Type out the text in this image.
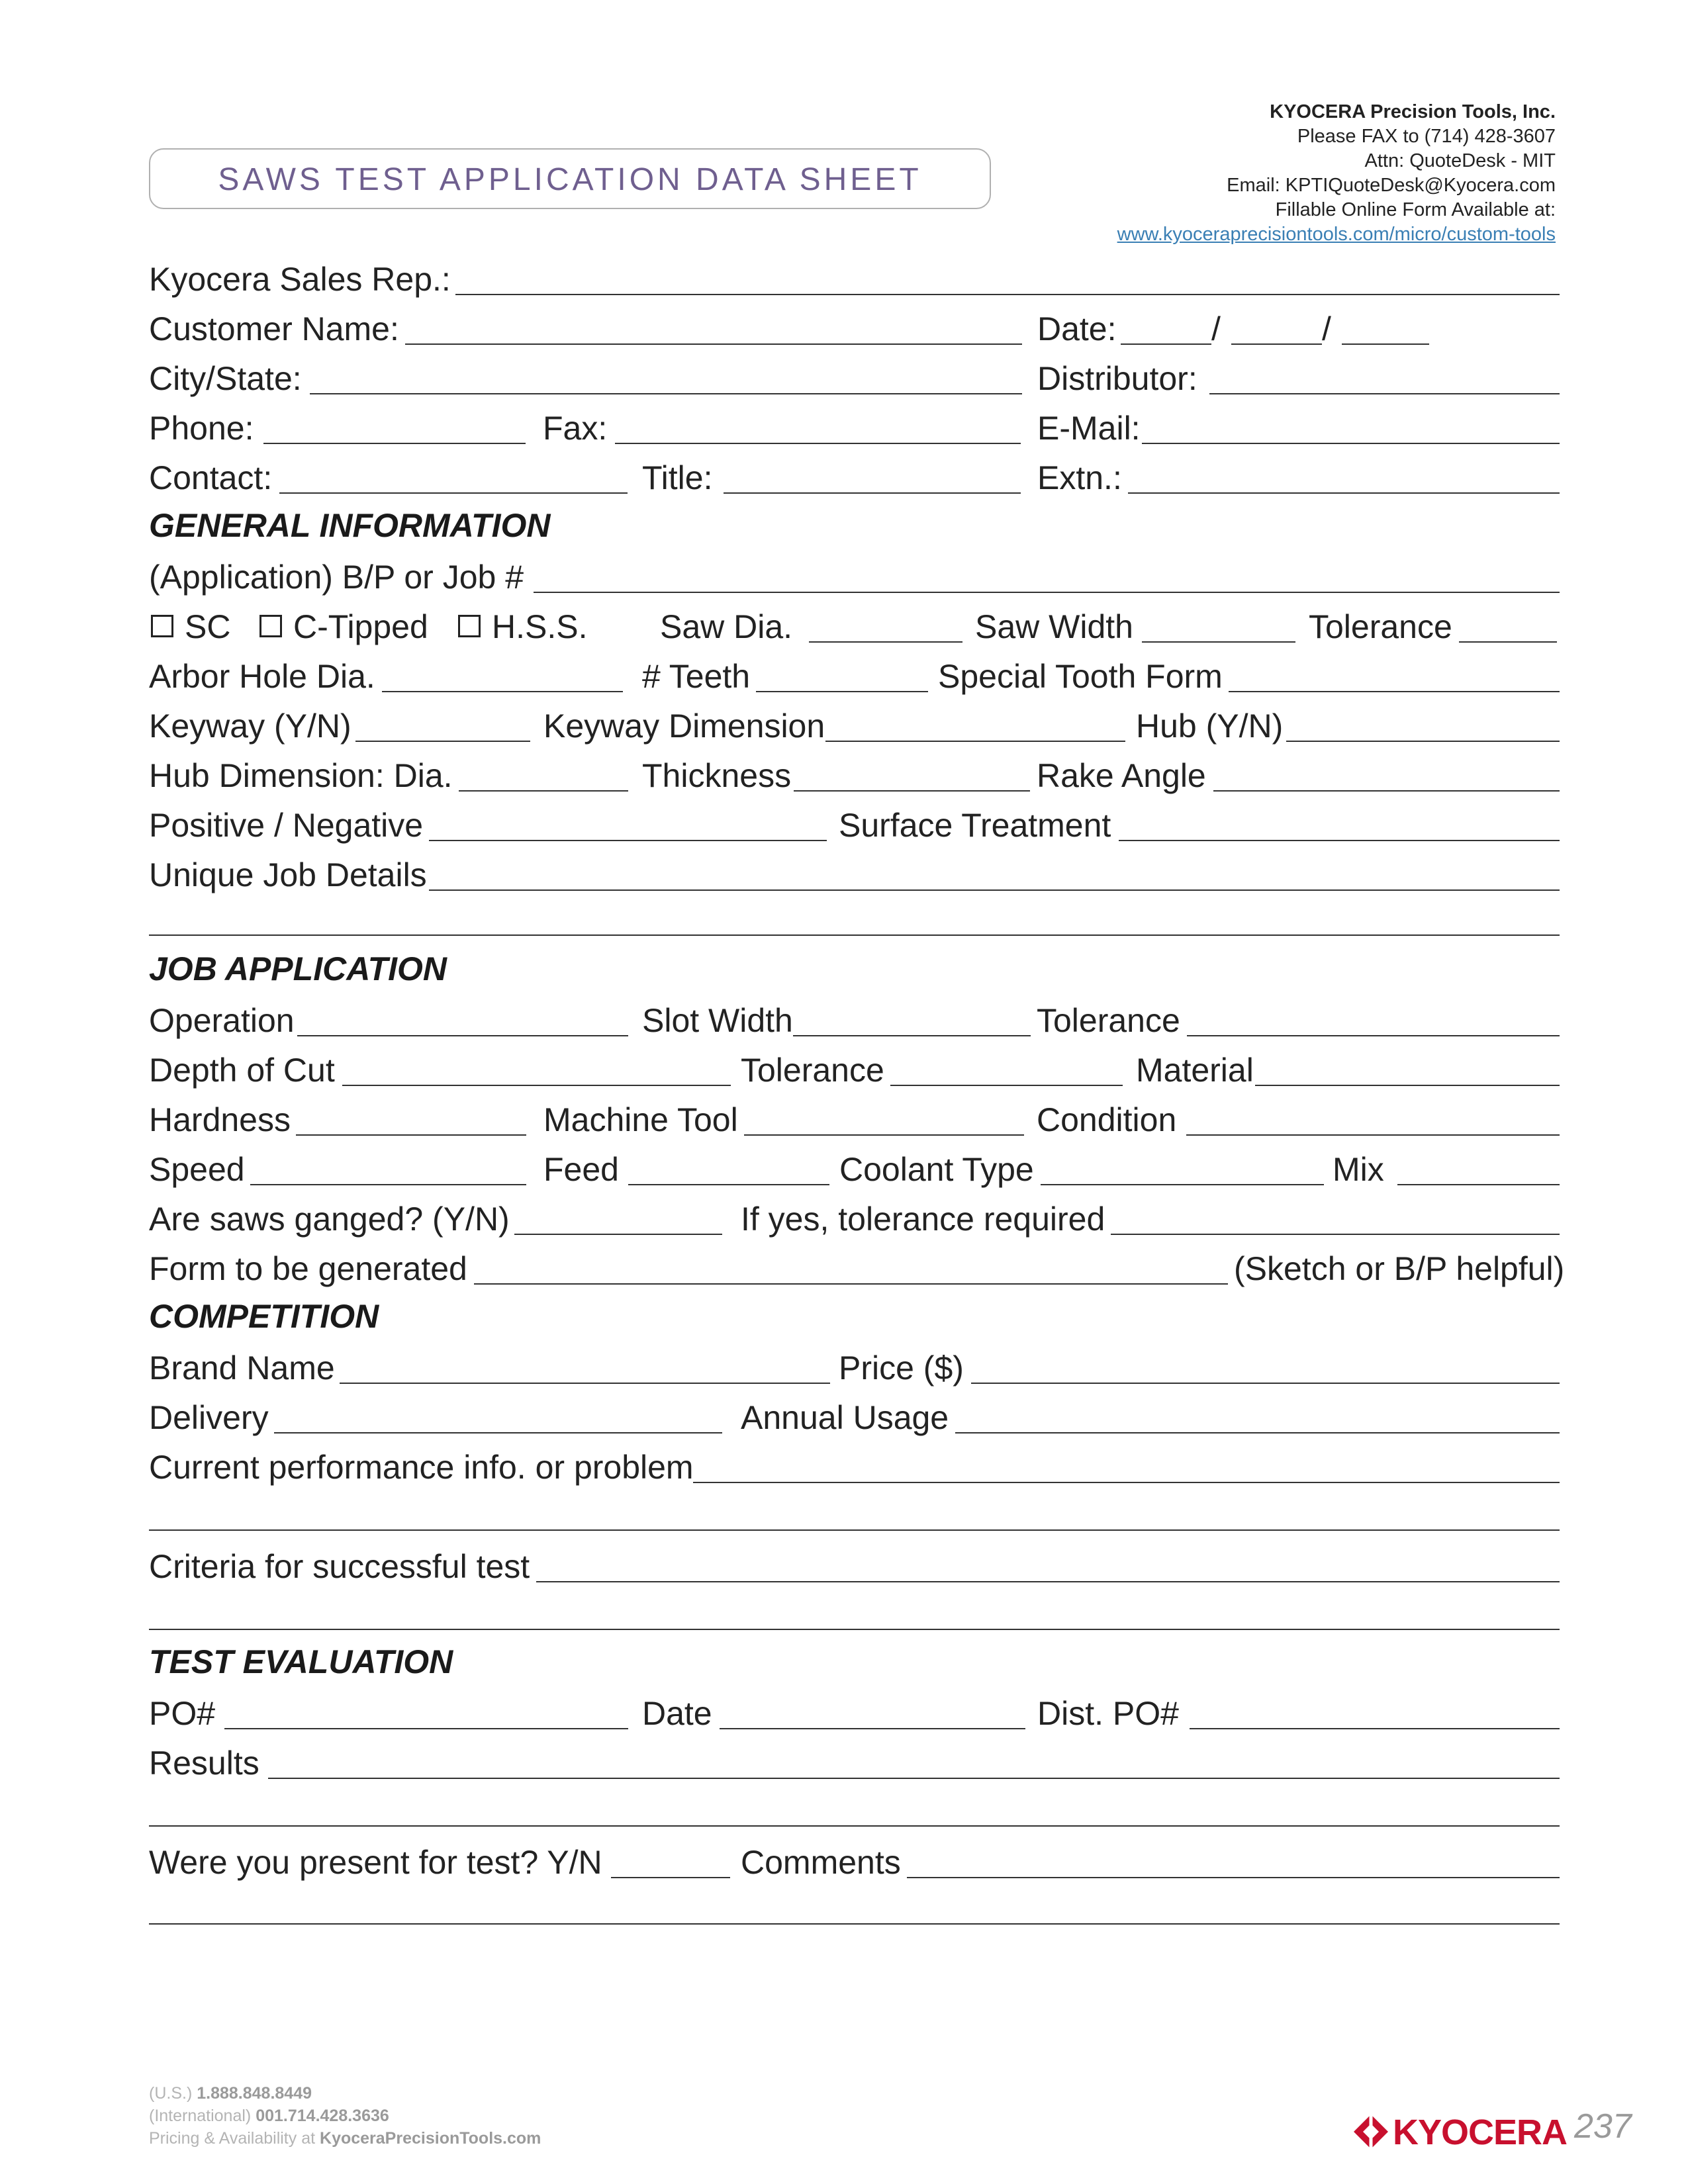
KYOCERA Precision Tools, Inc.
Please FAX to (714) 428-3607
Attn: QuoteDesk - MIT
Email: KPTIQuoteDesk@Kyocera.com
Fillable Online Form Available at:
www.kyoceraprecisiontools.com/micro/custom-tools
SAWS TEST APPLICATION DATA SHEET
Kyocera Sales Rep.:
Customer Name:	Date:	/	/
City/State:	Distributor:
Phone:	Fax:	E-Mail:
Contact:	Title:	Extn.:
GENERAL INFORMATION
(Application) B/P or Job #
SC C-Tipped H.S.S. Saw Dia.	Saw Width	Tolerance
Arbor Hole Dia.	# Teeth	Special Tooth Form
Keyway (Y/N)	Keyway Dimension	Hub (Y/N)
Hub Dimension: Dia.	Thickness	Rake Angle
Positive / Negative	Surface Treatment
Unique Job Details
JOB APPLICATION
Operation	Slot Width	Tolerance
Depth of Cut	Tolerance	Material
Hardness	Machine Tool	Condition
Speed	Feed	Coolant Type	Mix
Are saws ganged? (Y/N)	If yes, tolerance required
Form to be generated	(Sketch or B/P helpful)
COMPETITION
Brand Name	Price ($)
Delivery	Annual Usage
Current performance info. or problem
Criteria for successful test
TEST EVALUATION
PO#	Date	Dist. PO#
Results
Were you present for test? Y/N	Comments
(U.S.) 1.888.848.8449
(International) 001.714.428.3636
Pricing & Availability at KyoceraPrecisionTools.com	KYOCERA 237
